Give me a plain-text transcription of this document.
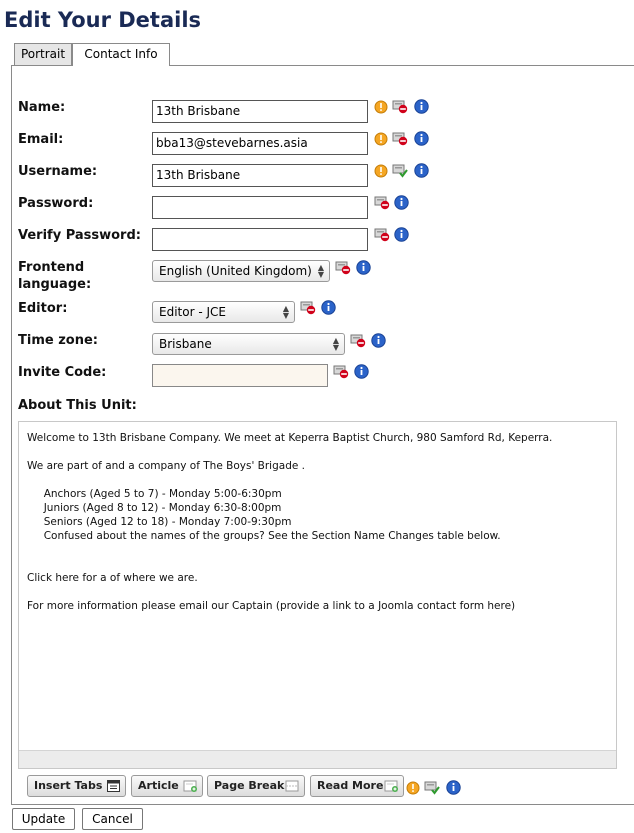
Edit Your Details
Portrait	Contact Info
Name:	13th Brisbane
Email:	bba13@stevebarnes.asia
Username:	13th Brisbane
Password:
Verify Password:
Frontend
language:
English (United Kingdom) ▲
▼
Editor:	Editor - JCE	▲
▼
Time zone:	Brisbane	▲
▼
Invite Code:
About This Unit:

Welcome to 13th Brisbane Company. We meet at Keperra Baptist Church, 980 Samford Rd, Keperra.

We are part of and a company of The Boys' Brigade .

Anchors (Aged 5 to 7) - Monday 5:00-6:30pm

Juniors (Aged 8 to 12) - Monday 6:30-8:00pm

Seniors (Aged 12 to 18) - Monday 7:00-9:30pm

Confused about the names of the groups? See the Section Name Changes table below.

Click here for a of where we are.

For more information please email our Captain (provide a link to a Joomla contact form here)

Insert Tabs	Article	Page Break	Read More
Update	Cancel
